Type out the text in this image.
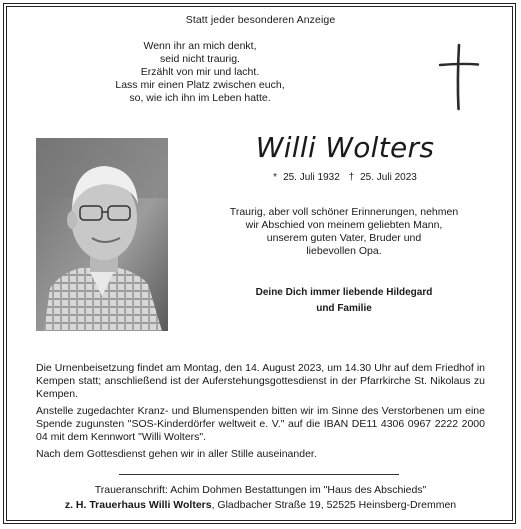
Statt jeder besonderen Anzeige
Wenn ihr an mich denkt,
seid nicht traurig.
Erzählt von mir und lacht.
Lass mir einen Platz zwischen euch,
so, wie ich ihn im Leben hatte.
Willi Wolters
* 25. Juli 1932 † 25. Juli 2023
Traurig, aber voll schöner Erinnerungen, nehmen
wir Abschied von meinem geliebten Mann,
unserem guten Vater, Bruder und
liebevollen Opa.
Deine Dich immer liebende Hildegard
und Familie
Die Urnenbeisetzung findet am Montag, den 14. August 2023, um 14.30 Uhr auf dem Friedhof in Kempen statt; anschließend ist der Auferstehungsgottesdienst in der Pfarrkirche St. Nikolaus zu Kempen.
Anstelle zugedachter Kranz- und Blumenspenden bitten wir im Sinne des Verstorbenen um eine Spende zugunsten "SOS-Kinderdörfer weltweit e. V." auf die IBAN DE11 4306 0967 2222 2000 04 mit dem Kennwort "Willi Wolters".
Nach dem Gottesdienst gehen wir in aller Stille auseinander.
Traueranschrift: Achim Dohmen Bestattungen im "Haus des Abschieds"
z. H. Trauerhaus Willi Wolters, Gladbacher Straße 19, 52525 Heinsberg-Dremmen
